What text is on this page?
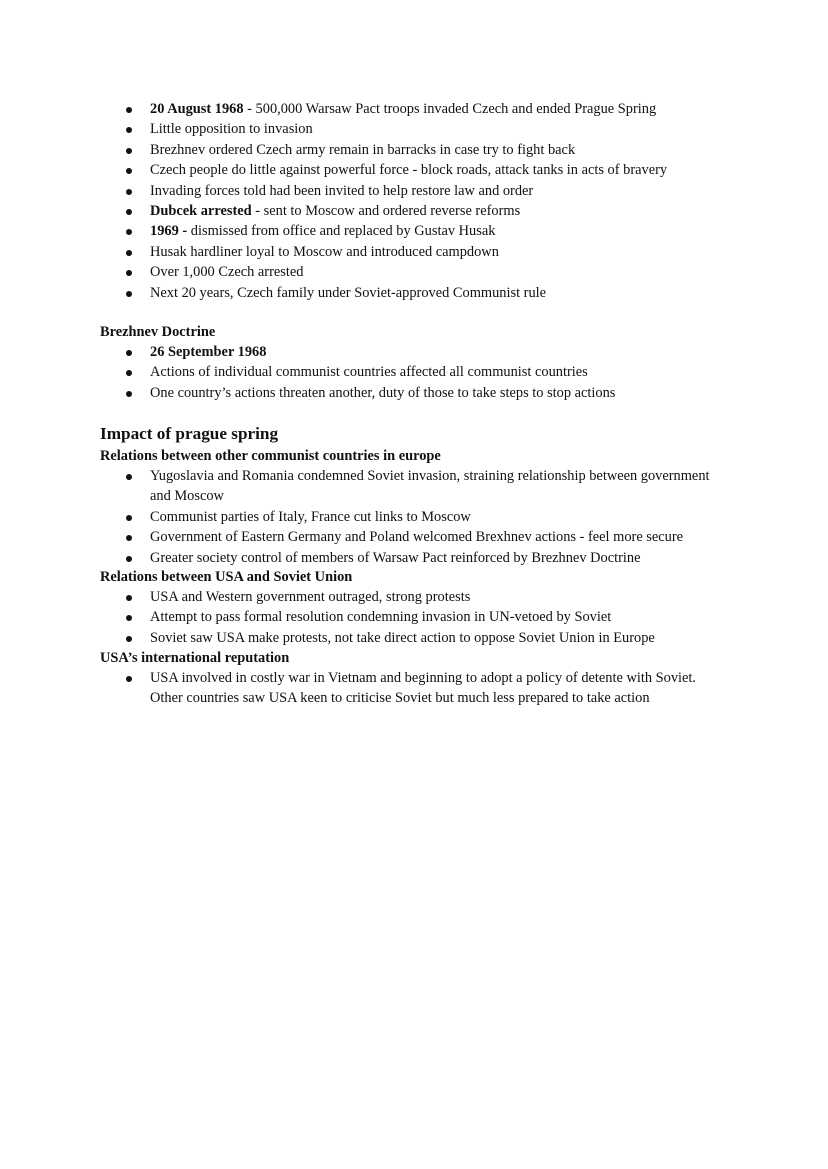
20 August 1968 - 500,000 Warsaw Pact troops invaded Czech and ended Prague Spring
Little opposition to invasion
Brezhnev ordered Czech army remain in barracks in case try to fight back
Czech people do little against powerful force - block roads, attack tanks in acts of bravery
Invading forces told had been invited to help restore law and order
Dubcek arrested - sent to Moscow and ordered reverse reforms
1969 - dismissed from office and replaced by Gustav Husak
Husak hardliner loyal to Moscow and introduced campdown
Over 1,000 Czech arrested
Next 20 years, Czech family under Soviet-approved Communist rule
Brezhnev Doctrine
26 September 1968
Actions of individual communist countries affected all communist countries
One country’s actions threaten another, duty of those to take steps to stop actions
Impact of prague spring
Relations between other communist countries in europe
Yugoslavia and Romania condemned Soviet invasion, straining relationship between government and Moscow
Communist parties of Italy, France cut links to Moscow
Government of Eastern Germany and Poland welcomed Brexhnev actions - feel more secure
Greater society control of members of Warsaw Pact reinforced by Brezhnev Doctrine
Relations between USA and Soviet Union
USA and Western government outraged, strong protests
Attempt to pass formal resolution condemning invasion in UN-vetoed by Soviet
Soviet saw USA make protests, not take direct action to oppose Soviet Union in Europe
USA’s international reputation
USA involved in costly war in Vietnam and beginning to adopt a policy of detente with Soviet. Other countries saw USA keen to criticise Soviet but much less prepared to take action
